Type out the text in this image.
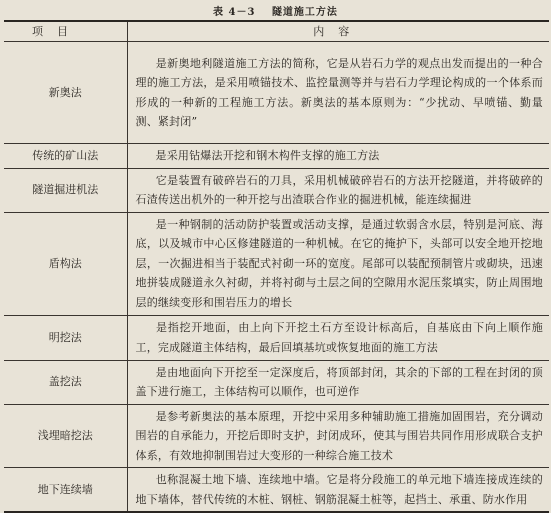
表 4－3 隧道施工方法
项目	内容
新奥法	是新奥地利隧道施工方法的简称，它是从岩石力学的观点出发而提出的一种合理的施工方法，是采用喷锚技术、监控量测等并与岩石力学理论构成的一个体系而形成的一种新的工程施工方法。新奥法的基本原则为：“少扰动、早喷锚、勤量测、紧封闭”
传统的矿山法	是采用钻爆法开挖和钢木构件支撑的施工方法
隧道掘进机法	它是装置有破碎岩石的刀具，采用机械破碎岩石的方法开挖隧道，并将破碎的石渣传送出机外的一种开挖与出渣联合作业的掘进机械，能连续掘进
盾构法	是一种钢制的活动防护装置或活动支撑，是通过软弱含水层，特别是河底、海底，以及城市中心区修建隧道的一种机械。在它的掩护下，头部可以安全地开挖地层，一次掘进相当于装配式衬砌一环的宽度。尾部可以装配预制管片或砌块，迅速地拼装成隧道永久衬砌，并将衬砌与土层之间的空隙用水泥压浆填实，防止周围地层的继续变形和围岩压力的增长
明挖法	是指挖开地面，由上向下开挖土石方至设计标高后，自基底由下向上顺作施工，完成隧道主体结构，最后回填基坑或恢复地面的施工方法
盖挖法	是由地面向下开挖至一定深度后，将顶部封闭，其余的下部的工程在封闭的顶盖下进行施工，主体结构可以顺作，也可逆作
浅埋暗挖法	是参考新奥法的基本原理，开挖中采用多种辅助施工措施加固围岩，充分调动围岩的自承能力，开挖后即时支护，封闭成环，使其与围岩共同作用形成联合支护体系，有效地抑制围岩过大变形的一种综合施工技术
地下连续墙	也称混凝土地下墙、连续地中墙。它是将分段施工的单元地下墙连接成连续的地下墙体，替代传统的木桩、钢桩、钢筋混凝土桩等，起挡土、承重、防水作用
